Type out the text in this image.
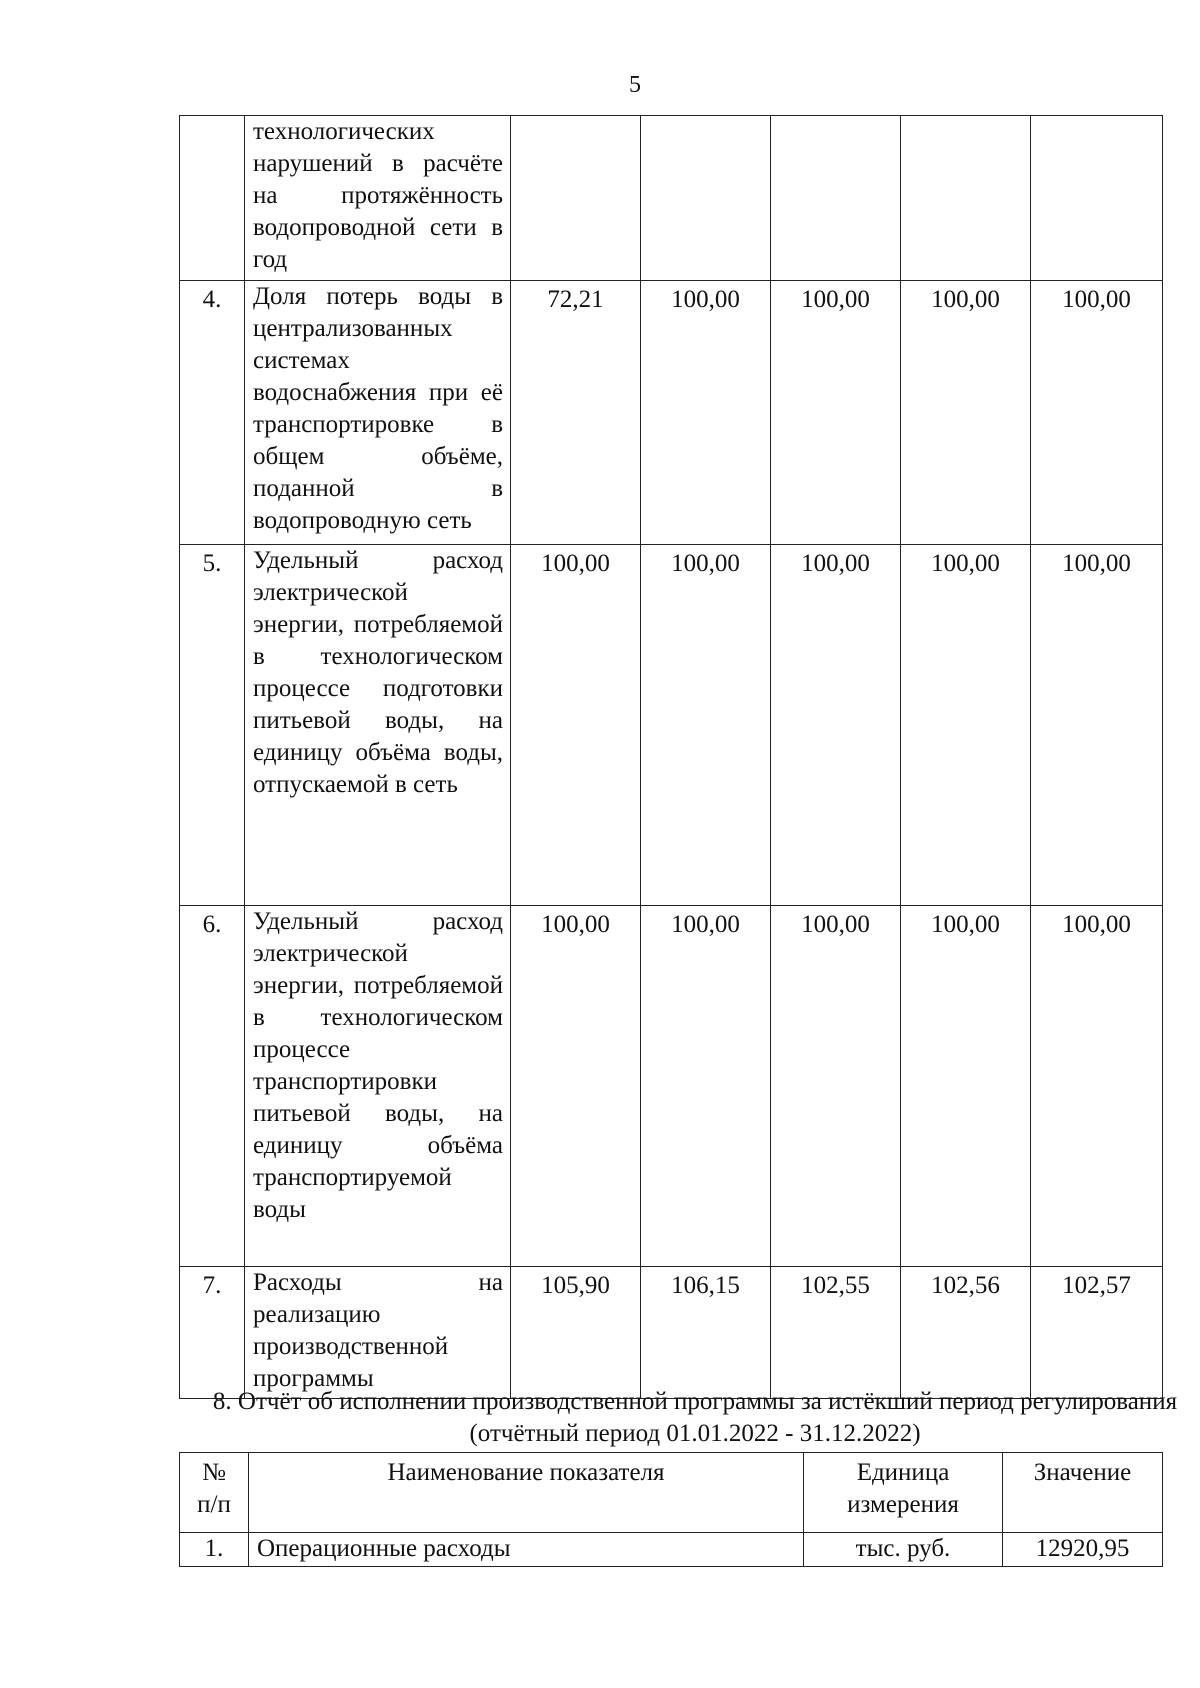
5
	технологических нарушений в расчёте на протяжённость водопроводной сети в год					
4.	Доля потерь воды в централизованных системах водоснабжения при её транспортировке в общем объёме, поданной в водопроводную сеть	72,21	100,00	100,00	100,00	100,00
5.	Удельный расход электрической энергии, потребляемой в технологическом процессе подготовки питьевой воды, на единицу объёма воды, отпускаемой в сеть	100,00	100,00	100,00	100,00	100,00
6.	Удельный расход электрической энергии, потребляемой в технологическом процессе транспортировки питьевой воды, на единицу объёма транспортируемой воды	100,00	100,00	100,00	100,00	100,00
7.	Расходы на реализацию производственной программы	105,90	106,15	102,55	102,56	102,57
8. Отчёт об исполнении производственной программы за истёкший период регулирования (отчётный период 01.01.2022 - 31.12.2022)
№ п/п	Наименование показателя	Единица измерения	Значение
1.	Операционные расходы	тыс. руб.	12920,95
